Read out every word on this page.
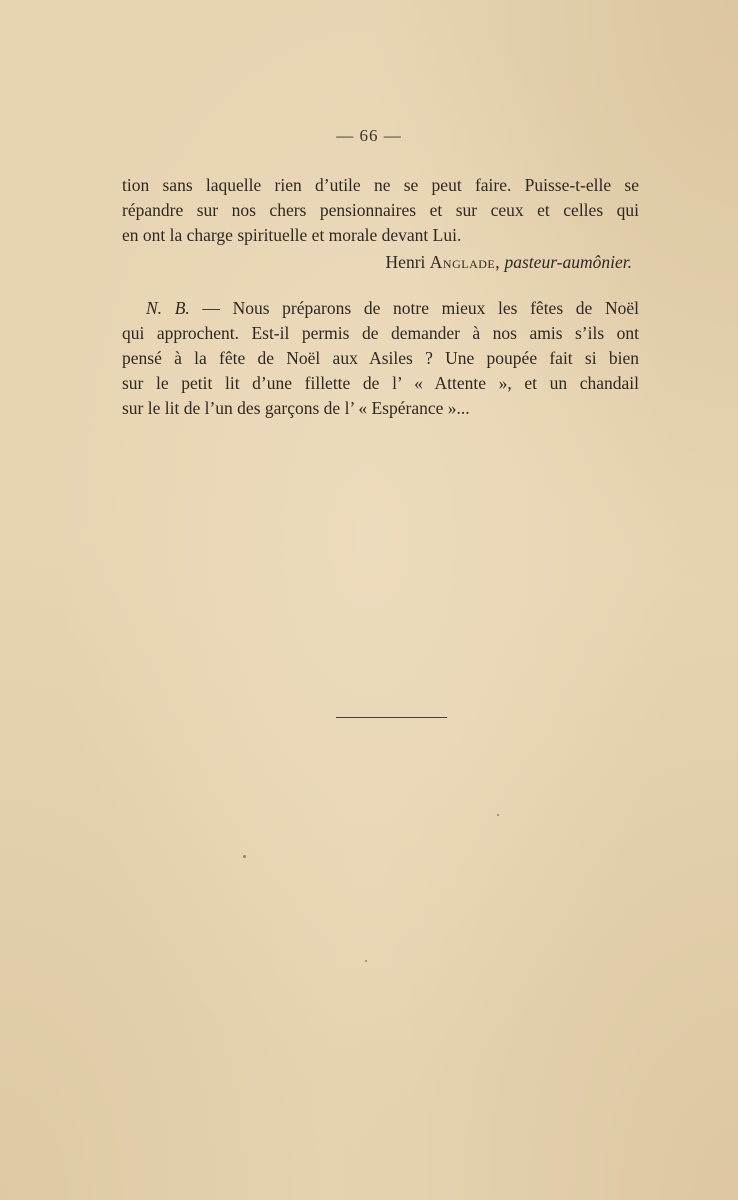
— 66 —
tion sans laquelle rien d’utile ne se peut faire. Puisse-t-elle se
répandre sur nos chers pensionnaires et sur ceux et celles qui
en ont la charge spirituelle et morale devant Lui.
Henri Anglade, pasteur-aumônier.
N. B. — Nous préparons de notre mieux les fêtes de Noël
qui approchent. Est-il permis de demander à nos amis s’ils ont
pensé à la fête de Noël aux Asiles ? Une poupée fait si bien
sur le petit lit d’une fillette de l’ « Attente », et un chandail
sur le lit de l’un des garçons de l’ « Espérance »...
